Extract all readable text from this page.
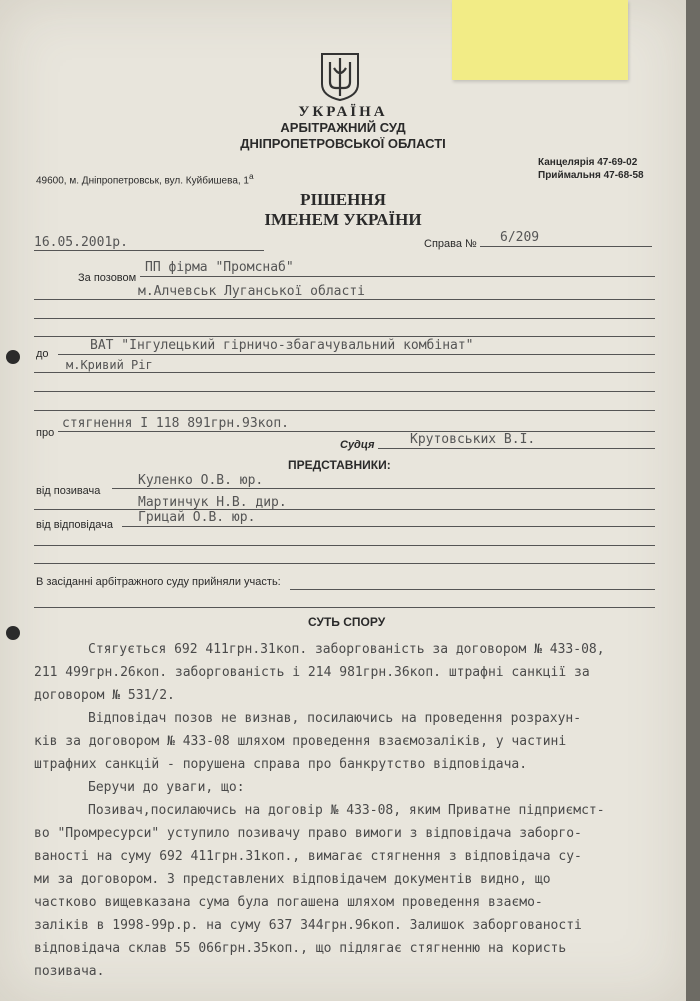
УКРАЇНА
АРБІТРАЖНИЙ СУД
ДНІПРОПЕТРОВСЬКОЇ ОБЛАСТІ
49600, м. Дніпропетровськ, вул. Куйбишева, $1^а$
Канцелярія 47-69-02
Приймальня 47-68-58
РІШЕННЯ
ІМЕНЕМ УКРАЇНИ
16.05.2001р.	Справа № 6/209
За позовом
ПП фірма "Промснаб"
м.Алчевськ Луганської області
до
ВАТ "Інгулецький гірничо-збагачувальний комбінат"
м.Кривий Ріг
про
стягнення І 118 891грн.93коп.
Судця	Крутовських В.І.
ПРЕДСТАВНИКИ:
від позивача
Куленко О.В. юр.
Мартинчук Н.В. дир.
від відповідача Грицай О.В. юр.
В засіданні арбітражного суду прийняли участь:
СУТЬ СПОРУ
Стягується 692 411грн.31коп. заборгованість за договором № 433-08,
211 499грн.26коп. заборгованість і 214 981грн.36коп. штрафні санкції за
договором № 531/2.
Відповідач позов не визнав, посилаючись на проведення розрахун-
ків за договором № 433-08 шляхом проведення взаємозаліків, у частині
штрафних санкцій - порушена справа про банкрутство відповідача.
Беручи до уваги, що:
Позивач,посилаючись на договір № 433-08, яким Приватне підприємст-
во "Промресурси" уступило позивачу право вимоги з відповідача заборго-
ваності на суму 692 411грн.31коп., вимагає стягнення з відповідача су-
ми за договором. З представлених відповідачем документів видно, що
частково вищевказана сума була погашена шляхом проведення взаємо-
заліків в 1998-99р.р. на суму 637 344грн.96коп. Залишок заборгованості
відповідача склав 55 066грн.35коп., що підлягає стягненню на користь
позивача.
